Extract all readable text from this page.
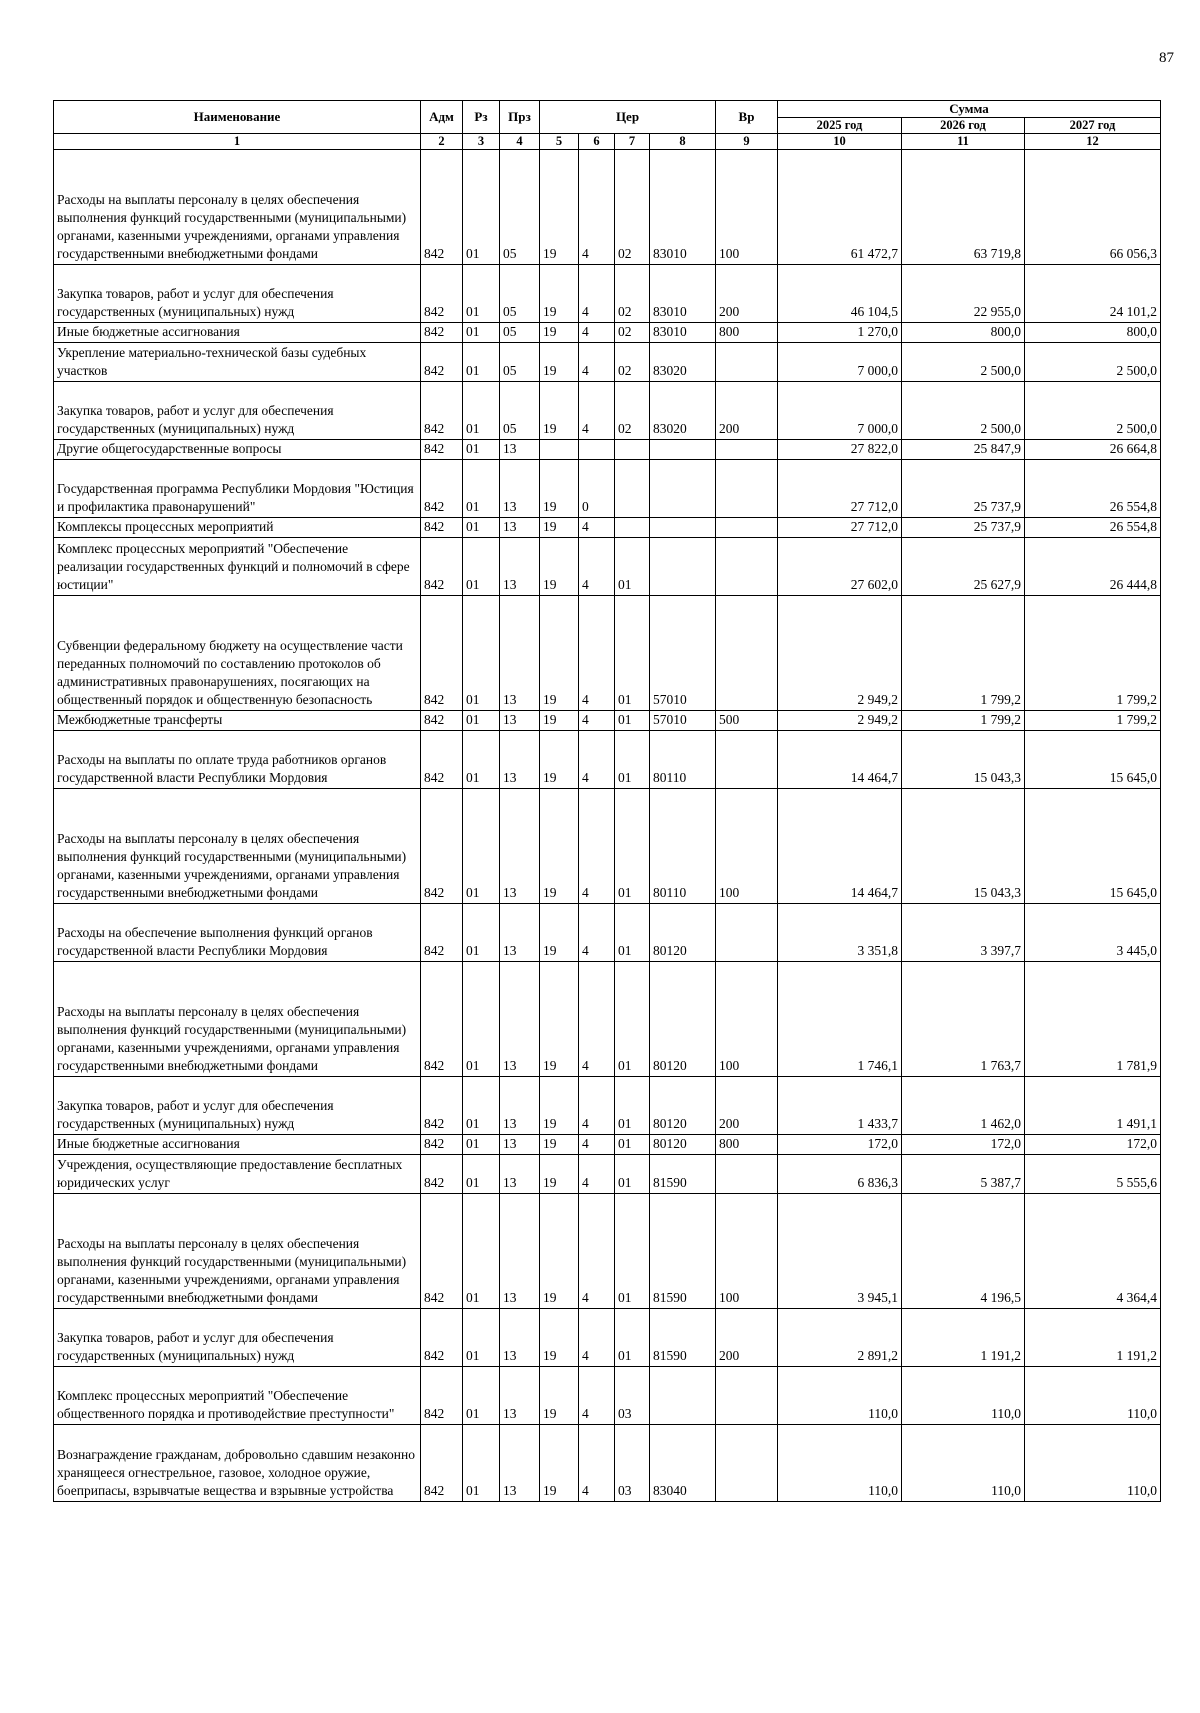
87
Наименование	Адм	Рз	Прз	Цер				Вр	Сумма		
									2025 год	2026 год	2027 год
1	2	3	4	5	6	7	8	9	10	11	12
Расходы на выплаты персоналу в целях обеспечения выполнения функций государственными (муниципальными) органами, казенными учреждениями, органами управления государственными внебюджетными фондами	842	01	05	19	4	02	83010	100	61 472,7	63 719,8	66 056,3
Закупка товаров, работ и услуг для обеспечения государственных (муниципальных) нужд	842	01	05	19	4	02	83010	200	46 104,5	22 955,0	24 101,2
Иные бюджетные ассигнования	842	01	05	19	4	02	83010	800	1 270,0	800,0	800,0
Укрепление материально-технической базы судебных участков	842	01	05	19	4	02	83020		7 000,0	2 500,0	2 500,0
Закупка товаров, работ и услуг для обеспечения государственных (муниципальных) нужд	842	01	05	19	4	02	83020	200	7 000,0	2 500,0	2 500,0
Другие общегосударственные вопросы	842	01	13						27 822,0	25 847,9	26 664,8
Государственная программа Республики Мордовия "Юстиция и профилактика правонарушений"	842	01	13	19	0				27 712,0	25 737,9	26 554,8
Комплексы процессных мероприятий	842	01	13	19	4				27 712,0	25 737,9	26 554,8
Комплекс процессных мероприятий "Обеспечение реализации государственных функций и полномочий в сфере юстиции"	842	01	13	19	4	01			27 602,0	25 627,9	26 444,8
Субвенции федеральному бюджету на осуществление части переданных полномочий по составлению протоколов об административных правонарушениях, посягающих на общественный порядок и общественную безопасность	842	01	13	19	4	01	57010		2 949,2	1 799,2	1 799,2
Межбюджетные трансферты	842	01	13	19	4	01	57010	500	2 949,2	1 799,2	1 799,2
Расходы на выплаты по оплате труда работников органов государственной власти Республики Мордовия	842	01	13	19	4	01	80110		14 464,7	15 043,3	15 645,0
Расходы на выплаты персоналу в целях обеспечения выполнения функций государственными (муниципальными) органами, казенными учреждениями, органами управления государственными внебюджетными фондами	842	01	13	19	4	01	80110	100	14 464,7	15 043,3	15 645,0
Расходы на обеспечение выполнения функций органов государственной власти Республики Мордовия	842	01	13	19	4	01	80120		3 351,8	3 397,7	3 445,0
Расходы на выплаты персоналу в целях обеспечения выполнения функций государственными (муниципальными) органами, казенными учреждениями, органами управления государственными внебюджетными фондами	842	01	13	19	4	01	80120	100	1 746,1	1 763,7	1 781,9
Закупка товаров, работ и услуг для обеспечения государственных (муниципальных) нужд	842	01	13	19	4	01	80120	200	1 433,7	1 462,0	1 491,1
Иные бюджетные ассигнования	842	01	13	19	4	01	80120	800	172,0	172,0	172,0
Учреждения, осуществляющие предоставление бесплатных юридических услуг	842	01	13	19	4	01	81590		6 836,3	5 387,7	5 555,6
Расходы на выплаты персоналу в целях обеспечения выполнения функций государственными (муниципальными) органами, казенными учреждениями, органами управления государственными внебюджетными фондами	842	01	13	19	4	01	81590	100	3 945,1	4 196,5	4 364,4
Закупка товаров, работ и услуг для обеспечения государственных (муниципальных) нужд	842	01	13	19	4	01	81590	200	2 891,2	1 191,2	1 191,2
Комплекс процессных мероприятий "Обеспечение общественного порядка и противодействие преступности"	842	01	13	19	4	03			110,0	110,0	110,0
Вознаграждение гражданам, добровольно сдавшим незаконно хранящееся огнестрельное, газовое, холодное оружие, боеприпасы, взрывчатые вещества и взрывные устройства	842	01	13	19	4	03	83040		110,0	110,0	110,0
